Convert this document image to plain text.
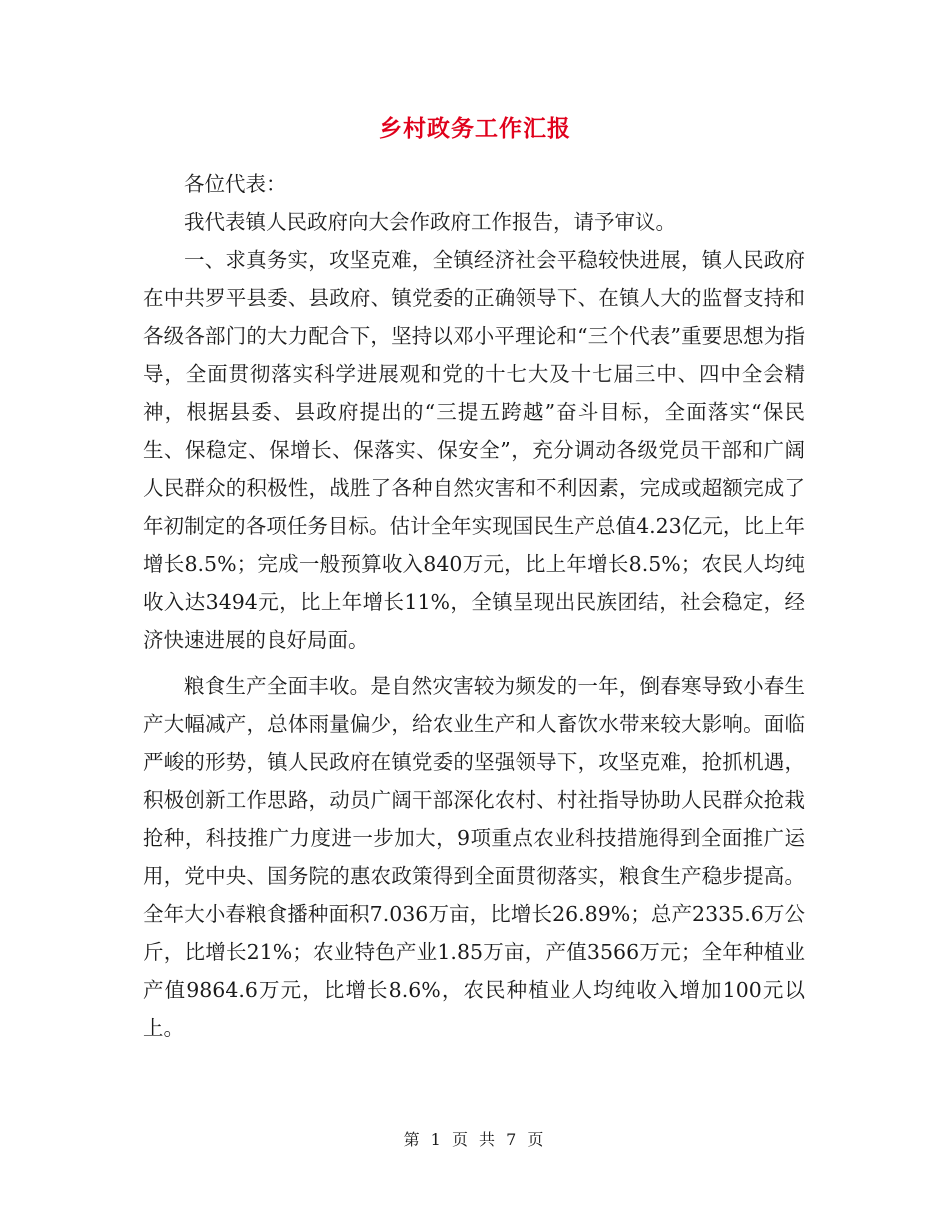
乡村政务工作汇报

各位代表：

我代表镇人民政府向大会作政府工作报告，请予审议。

一、求真务实，攻坚克难，全镇经济社会平稳较快进展，镇人民政府在中共罗平县委、县政府、镇党委的正确领导下、在镇人大的监督支持和各级各部门的大力配合下，坚持以邓小平理论和“三个代表”重要思想为指导，全面贯彻落实科学进展观和党的十七大及十七届三中、四中全会精神，根据县委、县政府提出的“三提五跨越”奋斗目标，全面落实“保民生、保稳定、保增长、保落实、保安全”，充分调动各级党员干部和广阔人民群众的积极性，战胜了各种自然灾害和不利因素，完成或超额完成了年初制定的各项任务目标。估计全年实现国民生产总值4.23亿元，比上年增长8.5%；完成一般预算收入840万元，比上年增长8.5%；农民人均纯收入达3494元，比上年增长11%，全镇呈现出民族团结，社会稳定，经济快速进展的良好局面。

粮食生产全面丰收。是自然灾害较为频发的一年，倒春寒导致小春生产大幅减产，总体雨量偏少，给农业生产和人畜饮水带来较大影响。面临严峻的形势，镇人民政府在镇党委的坚强领导下，攻坚克难，抢抓机遇，积极创新工作思路，动员广阔干部深化农村、村社指导协助人民群众抢栽抢种，科技推广力度进一步加大，9项重点农业科技措施得到全面推广运用，党中央、国务院的惠农政策得到全面贯彻落实，粮食生产稳步提高。全年大小春粮食播种面积7.036万亩，比增长26.89%；总产2335.6万公斤，比增长21%；农业特色产业1.85万亩，产值3566万元；全年种植业产值9864.6万元，比增长8.6%，农民种植业人均纯收入增加100元以上。

第 1 页 共 7 页
